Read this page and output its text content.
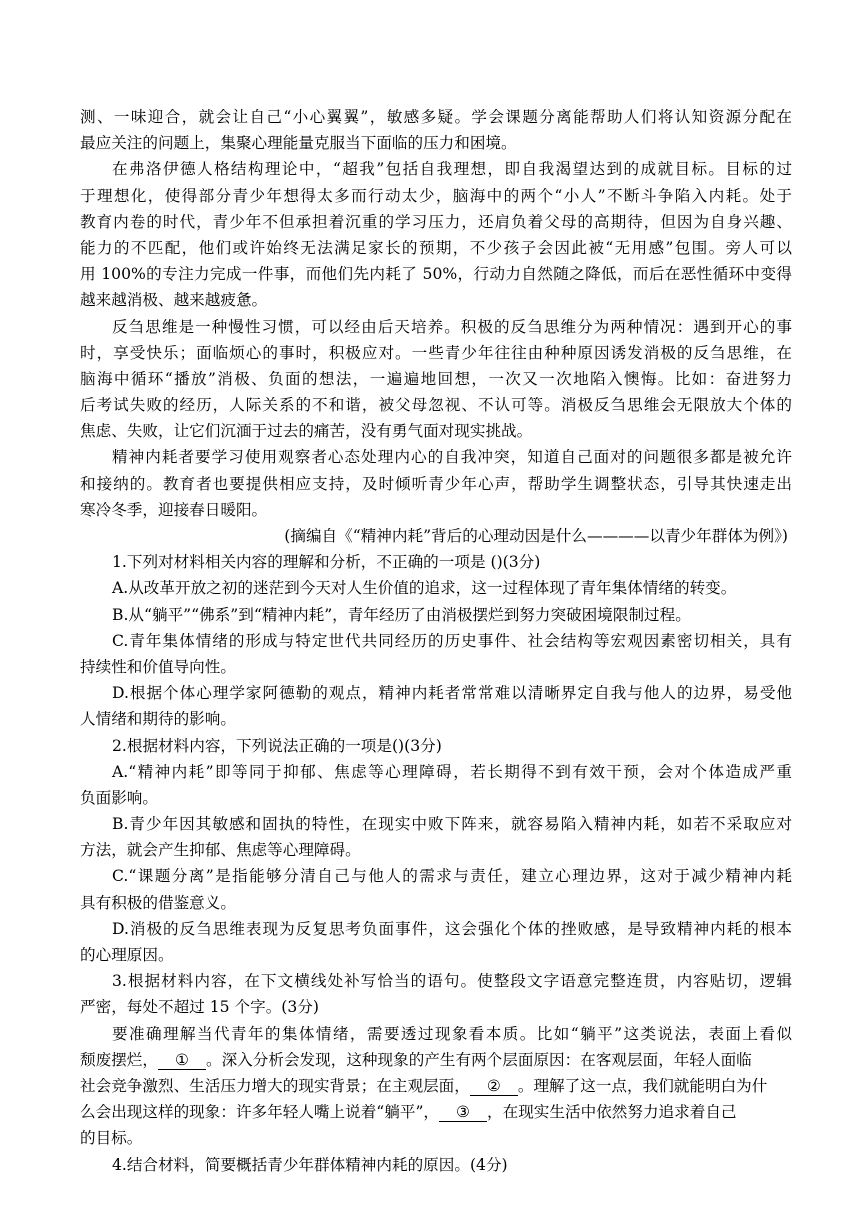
测、一味迎合，就会让自己“小心翼翼”，敏感多疑。学会课题分离能帮助人们将认知资源分配在
最应关注的问题上，集聚心理能量克服当下面临的压力和困境。
在弗洛伊德人格结构理论中，“超我”包括自我理想，即自我渴望达到的成就目标。目标的过
于理想化，使得部分青少年想得太多而行动太少，脑海中的两个“小人”不断斗争陷入内耗。处于
教育内卷的时代，青少年不但承担着沉重的学习压力，还肩负着父母的高期待，但因为自身兴趣、
能力的不匹配，他们或许始终无法满足家长的预期，不少孩子会因此被“无用感”包围。旁人可以
用 100%的专注力完成一件事，而他们先内耗了 50%，行动力自然随之降低，而后在恶性循环中变得
越来越消极、越来越疲惫。
反刍思维是一种慢性习惯，可以经由后天培养。积极的反刍思维分为两种情况：遇到开心的事
时，享受快乐；面临烦心的事时，积极应对。一些青少年往往由种种原因诱发消极的反刍思维，在
脑海中循环“播放”消极、负面的想法，一遍遍地回想，一次又一次地陷入懊悔。比如：奋进努力
后考试失败的经历，人际关系的不和谐，被父母忽视、不认可等。消极反刍思维会无限放大个体的
焦虑、失败，让它们沉湎于过去的痛苦，没有勇气面对现实挑战。
精神内耗者要学习使用观察者心态处理内心的自我冲突，知道自己面对的问题很多都是被允许
和接纳的。教育者也要提供相应支持，及时倾听青少年心声，帮助学生调整状态，引导其快速走出
寒冷冬季，迎接春日暖阳。
(摘编自《“精神内耗”背后的心理动因是什么————以青少年群体为例》)
1.下列对材料相关内容的理解和分析，不正确的一项是 ()(3分)
A.从改革开放之初的迷茫到今天对人生价值的追求，这一过程体现了青年集体情绪的转变。
B.从“躺平”“佛系”到“精神内耗”，青年经历了由消极摆烂到努力突破困境限制过程。
C.青年集体情绪的形成与特定世代共同经历的历史事件、社会结构等宏观因素密切相关，具有
持续性和价值导向性。
D.根据个体心理学家阿德勒的观点，精神内耗者常常难以清晰界定自我与他人的边界，易受他
人情绪和期待的影响。
2.根据材料内容，下列说法正确的一项是()(3分)
A.“精神内耗”即等同于抑郁、焦虑等心理障碍，若长期得不到有效干预，会对个体造成严重
负面影响。
B.青少年因其敏感和固执的特性，在现实中败下阵来，就容易陷入精神内耗，如若不采取应对
方法，就会产生抑郁、焦虑等心理障碍。
C.“课题分离”是指能够分清自己与他人的需求与责任，建立心理边界，这对于减少精神内耗
具有积极的借鉴意义。
D.消极的反刍思维表现为反复思考负面事件，这会强化个体的挫败感，是导致精神内耗的根本
的心理原因。
3.根据材料内容，在下文横线处补写恰当的语句。使整段文字语意完整连贯，内容贴切，逻辑
严密，每处不超过 15 个字。(3分)
要准确理解当代青年的集体情绪，需要透过现象看本质。比如“躺平”这类说法，表面上看似
颓废摆烂， ① 。深入分析会发现，这种现象的产生有两个层面原因：在客观层面，年轻人面临
社会竞争激烈、生活压力增大的现实背景；在主观层面， ② 。理解了这一点，我们就能明白为什
么会出现这样的现象：许多年轻人嘴上说着“躺平”， ③ ，在现实生活中依然努力追求着自己
的目标。
4.结合材料，简要概括青少年群体精神内耗的原因。(4分)
